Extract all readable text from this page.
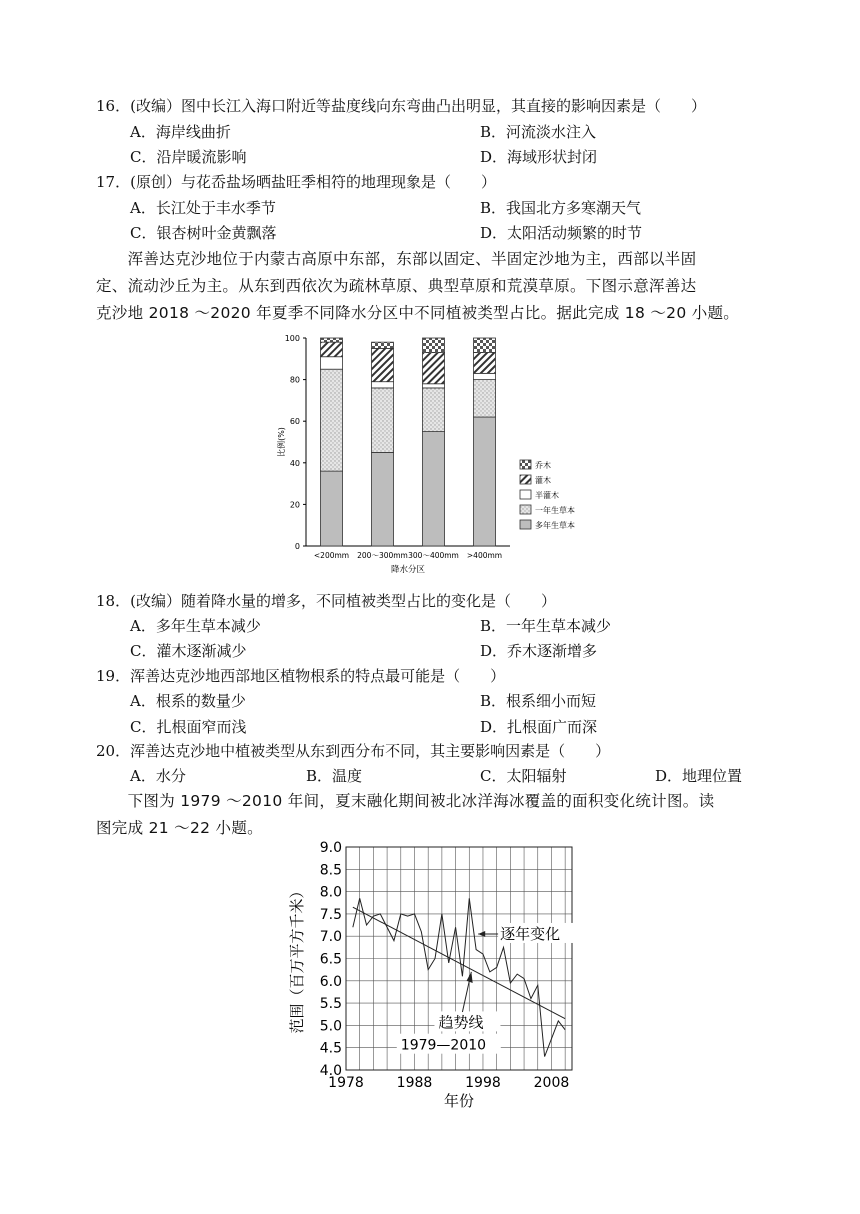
16．(改编）图中长江入海口附近等盐度线向东弯曲凸出明显，其直接的影响因素是（　　）
A．海岸线曲折	B．河流淡水注入
C．沿岸暖流影响	D．海域形状封闭
17．(原创）与花岙盐场晒盐旺季相符的地理现象是（　　）
A．长江处于丰水季节	B．我国北方多寒潮天气
C．银杏树叶金黄飘落	D．太阳活动频繁的时节

　　浑善达克沙地位于内蒙古高原中东部，东部以固定、半固定沙地为主，西部以半固

定、流动沙丘为主。从东到西依次为疏林草原、典型草原和荒漠草原。下图示意浑善达

克沙地 2018 ～2020 年夏季不同降水分区中不同植被类型占比。据此完成 18 ～20 小题。

0
20
40
60
80
100
比例(%)
<200mm 200～300mm 300～400mm >400mm
降水分区
乔木
灌木
半灌木
一年生草本
多年生草本
18．(改编）随着降水量的增多，不同植被类型占比的变化是（　　）
A．多年生草本减少	B．一年生草本减少
C．灌木逐渐减少	D．乔木逐渐增多
19．浑善达克沙地西部地区植物根系的特点最可能是（　　）
A．根系的数量少	B．根系细小而短
C．扎根面窄而浅	D．扎根面广而深
20．浑善达克沙地中植被类型从东到西分布不同，其主要影响因素是（　　）
A．水分	B．温度	C．太阳辐射	D．地理位置

　　下图为 1979 ～2010 年间，夏末融化期间被北冰洋海冰覆盖的面积变化统计图。读

图完成 21 ～22 小题。

4.0
4.5
5.0
5.5
6.0
6.5
7.0
7.5
8.0
8.5
9.0
1978 1988 1998 2008
年份
范围（百万平方千米）	逐年变化
趋势线
1979—2010
